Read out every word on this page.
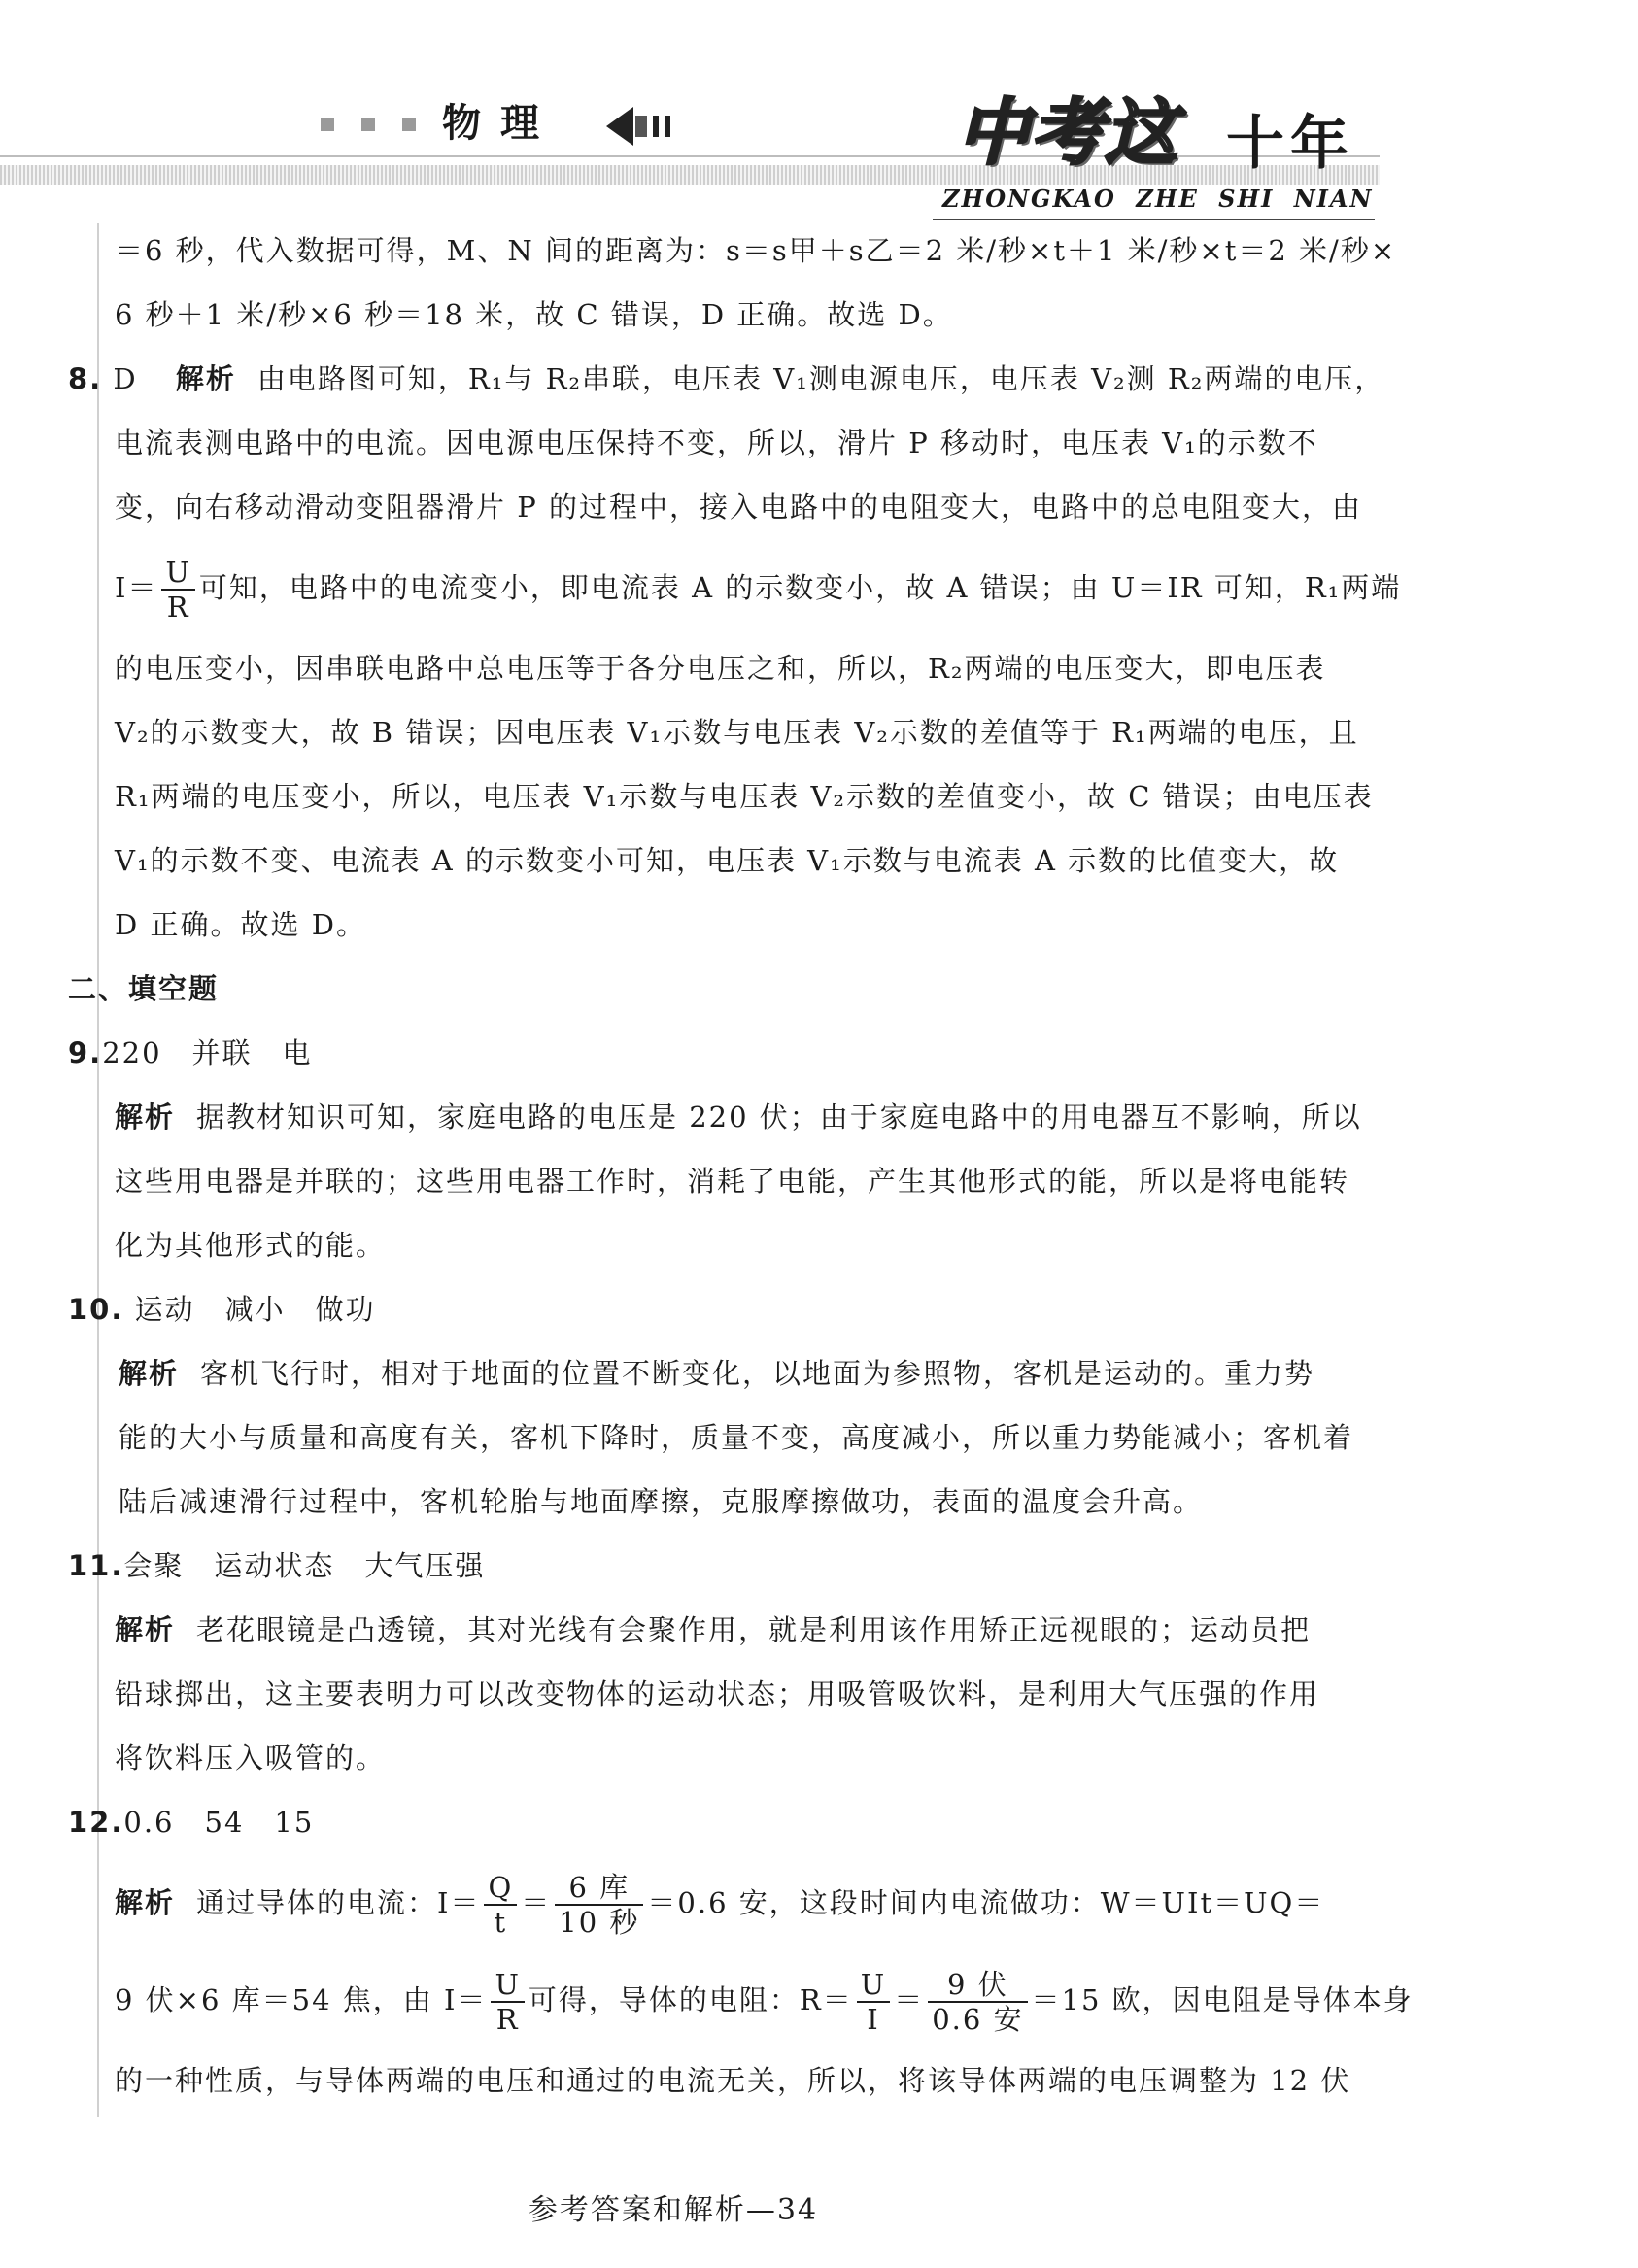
物理	中考这 十年
ZHONGKAO ZHE SHI NIAN

＝6 秒，代入数据可得，M、N 间的距离为：s＝s甲＋s乙＝2 米/秒×t＋1 米/秒×t＝2 米/秒×

6 秒＋1 米/秒×6 秒＝18 米，故 C 错误，D 正确。故选 D。

8. D 解析 由电路图可知，R₁与 R₂串联，电压表 V₁测电源电压，电压表 V₂测 R₂两端的电压，

电流表测电路中的电流。因电源电压保持不变，所以，滑片 P 移动时，电压表 V₁的示数不

变，向右移动滑动变阻器滑片 P 的过程中，接入电路中的电阻变大，电路中的总电阻变大，由

$I= \frac{U}{R}$ 可知，电路中的电流变小，即电流表 A 的示数变小，故 A 错误；由 U＝IR 可知，R₁两端

的电压变小，因串联电路中总电压等于各分电压之和，所以，R₂两端的电压变大，即电压表

V₂的示数变大，故 B 错误；因电压表 V₁示数与电压表 V₂示数的差值等于 R₁两端的电压，且

R₁两端的电压变小，所以，电压表 V₁示数与电压表 V₂示数的差值变小，故 C 错误；由电压表

V₁的示数不变、电流表 A 的示数变小可知，电压表 V₁示数与电流表 A 示数的比值变大，故

D 正确。故选 D。

二、填空题

9.220　并联　电

解析 据教材知识可知，家庭电路的电压是 220 伏；由于家庭电路中的用电器互不影响，所以

这些用电器是并联的；这些用电器工作时，消耗了电能，产生其他形式的能，所以是将电能转

化为其他形式的能。

10. 运动　减小　做功

解析 客机飞行时，相对于地面的位置不断变化，以地面为参照物，客机是运动的。重力势

能的大小与质量和高度有关，客机下降时，质量不变，高度减小，所以重力势能减小；客机着

陆后减速滑行过程中，客机轮胎与地面摩擦，克服摩擦做功，表面的温度会升高。

11.会聚　运动状态　大气压强

解析 老花眼镜是凸透镜，其对光线有会聚作用，就是利用该作用矫正远视眼的；运动员把

铅球掷出，这主要表明力可以改变物体的运动状态；用吸管吸饮料，是利用大气压强的作用

将饮料压入吸管的。

12.0.6　54　15

解析 通过导体的电流：$I= \frac{Q}{t} = \frac{\text{6 库}}{\text{10 秒}} =0.6$ 安，这段时间内电流做功：W＝UIt＝UQ＝

9 伏×6 库＝54 焦，由 $I= \frac{U}{R}$ 可得，导体的电阻：$R= \frac{U}{I} = \frac{\text{9 伏}}{\text{0.6 安}} =15$ 欧，因电阻是导体本身

的一种性质，与导体两端的电压和通过的电流无关，所以，将该导体两端的电压调整为 12 伏

参考答案和解析—34
